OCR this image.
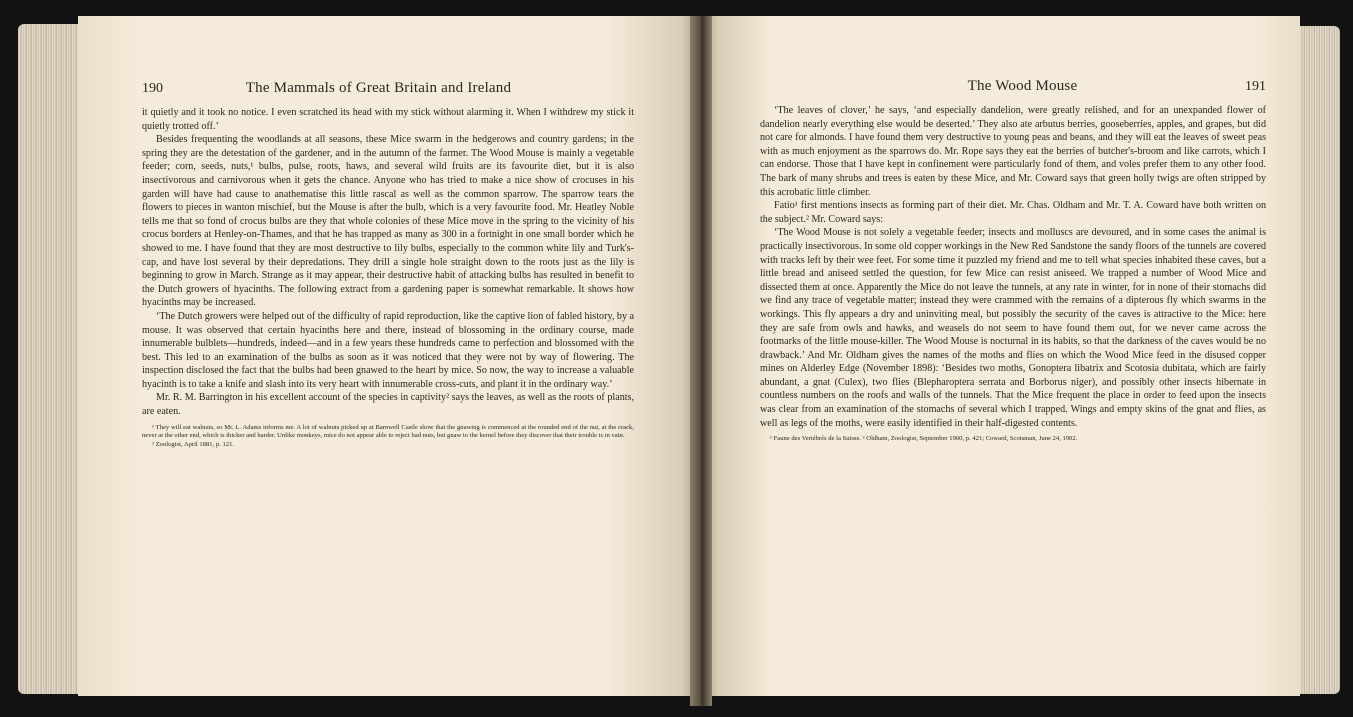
190	The Mammals of Great Britain and Ireland

it quietly and it took no notice. I even scratched its head with my stick without alarming it. When I withdrew my stick it quietly trotted off.’

Besides frequenting the woodlands at all seasons, these Mice swarm in the hedgerows and country gardens; in the spring they are the detestation of the gardener, and in the autumn of the farmer. The Wood Mouse is mainly a vegetable feeder; corn, seeds, nuts,¹ bulbs, pulse, roots, haws, and several wild fruits are its favourite diet, but it is also insectivorous and carnivorous when it gets the chance. Anyone who has tried to make a nice show of crocuses in his garden will have had cause to anathematise this little rascal as well as the common sparrow. The sparrow tears the flowers to pieces in wanton mischief, but the Mouse is after the bulb, which is a very favourite food. Mr. Heatley Noble tells me that so fond of crocus bulbs are they that whole colonies of these Mice move in the spring to the vicinity of his crocus borders at Henley-on-Thames, and that he has trapped as many as 300 in a fortnight in one small border which he showed to me. I have found that they are most destructive to lily bulbs, especially to the common white lily and Turk's-cap, and have lost several by their depredations. They drill a single hole straight down to the roots just as the lily is beginning to grow in March. Strange as it may appear, their destructive habit of attacking bulbs has resulted in benefit to the Dutch growers of hyacinths. The following extract from a gardening paper is somewhat remarkable. It shows how hyacinths may be increased.

‘The Dutch growers were helped out of the difficulty of rapid reproduction, like the captive lion of fabled history, by a mouse. It was observed that certain hyacinths here and there, instead of blossoming in the ordinary course, made innumerable bulblets—hundreds, indeed—and in a few years these hundreds came to perfection and blossomed with the best. This led to an examination of the bulbs as soon as it was noticed that they were not by way of flowering. The inspection disclosed the fact that the bulbs had been gnawed to the heart by mice. So now, the way to increase a valuable hyacinth is to take a knife and slash into its very heart with innumerable cross-cuts, and plant it in the ordinary way.’

Mr. R. M. Barrington in his excellent account of the species in captivity² says the leaves, as well as the roots of plants, are eaten.

¹ They will eat walnuts, so Mr. L. Adams informs me. A lot of walnuts picked up at Barnwell Castle show that the gnawing is commenced at the rounded end of the nut, at the crack, never at the other end, which is thicker and harder. Unlike monkeys, mice do not appear able to reject bad nuts, but gnaw to the kernel before they discover that their trouble is in vain.

² Zoologist, April 1881, p. 121.

The Wood Mouse	191

‘The leaves of clover,’ he says, ‘and especially dandelion, were greatly relished, and for an unexpanded flower of dandelion nearly everything else would be deserted.’ They also ate arbutus berries, gooseberries, apples, and grapes, but did not care for almonds. I have found them very destructive to young peas and beans, and they will eat the leaves of sweet peas with as much enjoyment as the sparrows do. Mr. Rope says they eat the berries of butcher's-broom and like carrots, which I can endorse. Those that I have kept in confinement were particularly fond of them, and voles prefer them to any other food. The bark of many shrubs and trees is eaten by these Mice, and Mr. Coward says that green holly twigs are often stripped by this acrobatic little climber.

Fatio¹ first mentions insects as forming part of their diet. Mr. Chas. Oldham and Mr. T. A. Coward have both written on the subject.² Mr. Coward says:

‘The Wood Mouse is not solely a vegetable feeder; insects and molluscs are devoured, and in some cases the animal is practically insectivorous. In some old copper workings in the New Red Sandstone the sandy floors of the tunnels are covered with tracks left by their wee feet. For some time it puzzled my friend and me to tell what species inhabited these caves, but a little bread and aniseed settled the question, for few Mice can resist aniseed. We trapped a number of Wood Mice and dissected them at once. Apparently the Mice do not leave the tunnels, at any rate in winter, for in none of their stomachs did we find any trace of vegetable matter; instead they were crammed with the remains of a dipterous fly which swarms in the workings. This fly appears a dry and uninviting meal, but possibly the security of the caves is attractive to the Mice: here they are safe from owls and hawks, and weasels do not seem to have found them out, for we never came across the footmarks of the little mouse-killer. The Wood Mouse is nocturnal in its habits, so that the darkness of the caves would be no drawback.’ And Mr. Oldham gives the names of the moths and flies on which the Wood Mice feed in the disused copper mines on Alderley Edge (November 1898): ‘Besides two moths, Gonoptera libatrix and Scotosia dubitata, which are fairly abundant, a gnat (Culex), two flies (Blepharoptera serrata and Borborus niger), and possibly other insects hibernate in countless numbers on the roofs and walls of the tunnels. That the Mice frequent the place in order to feed upon the insects was clear from an examination of the stomachs of several which I trapped. Wings and empty skins of the gnat and flies, as well as legs of the moths, were easily identified in their half-digested contents.

¹ Faune des Vertébrés de la Suisse. ² Oldham, Zoologist, September 1900, p. 421; Coward, Scotsman, June 24, 1902.
